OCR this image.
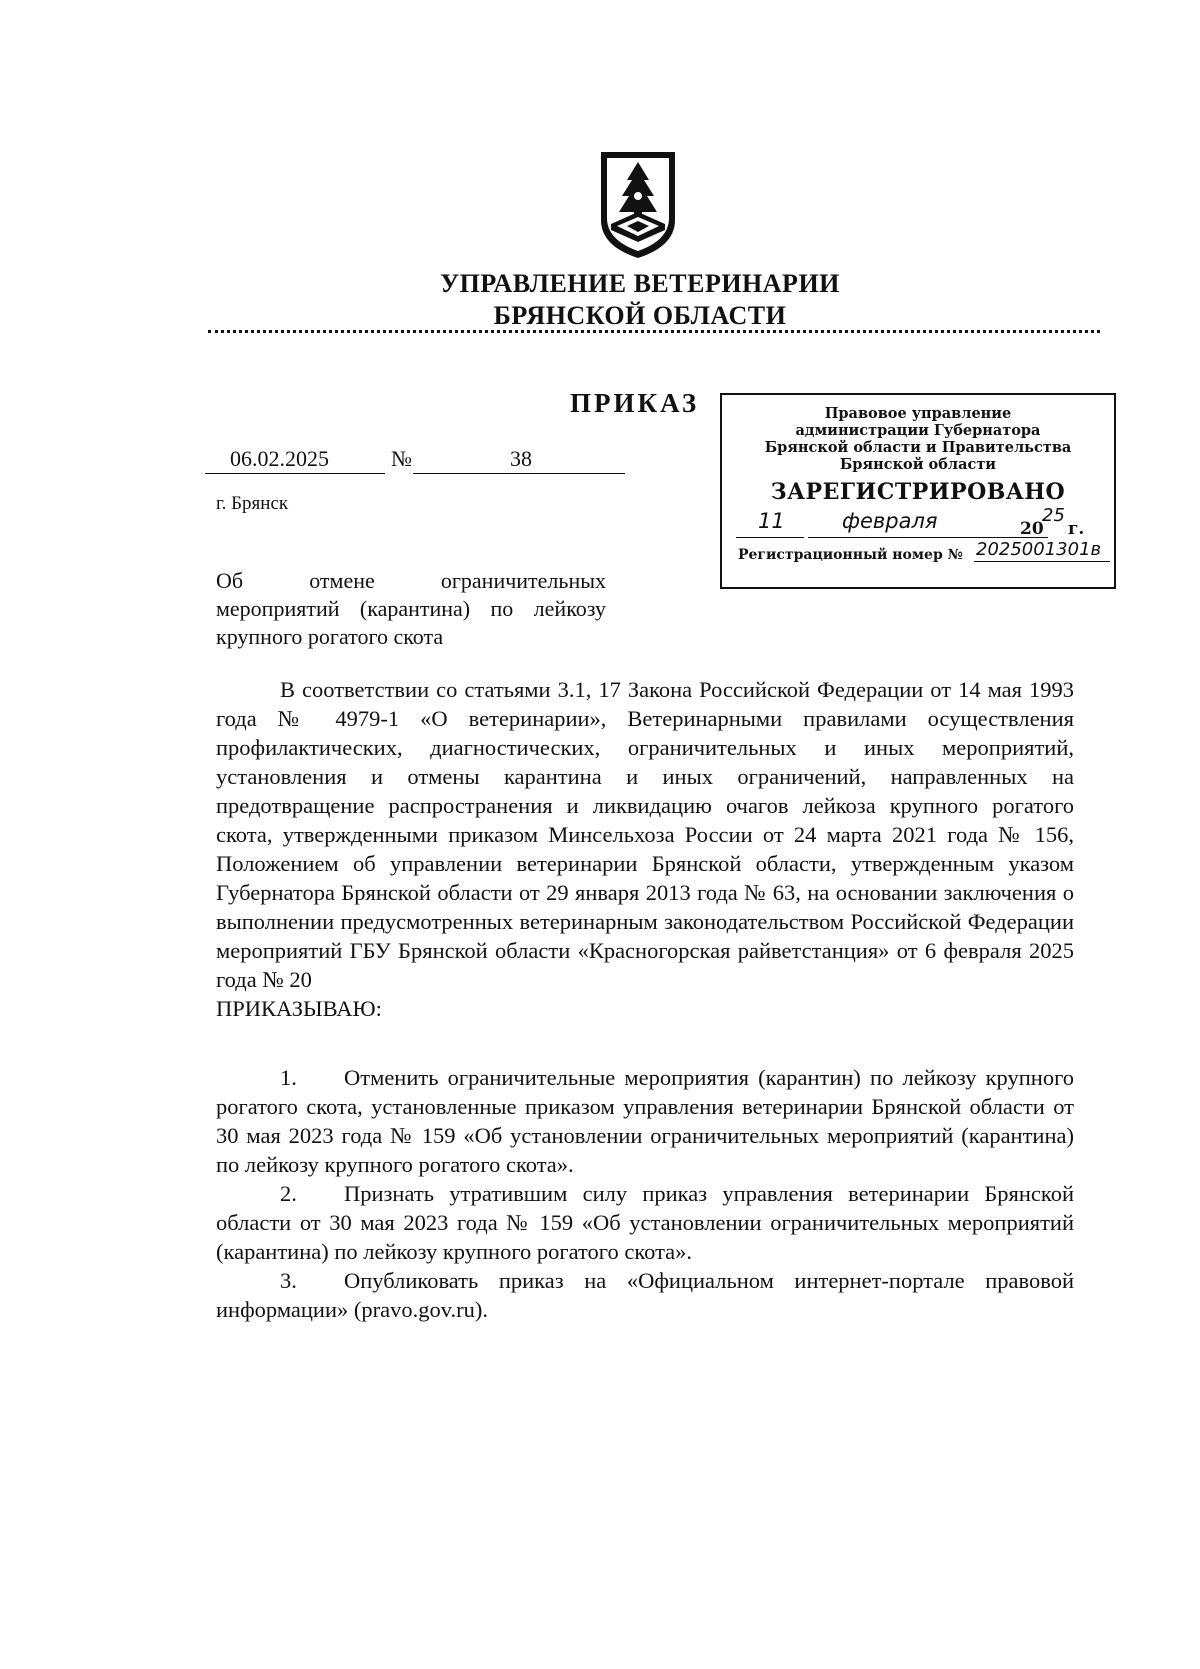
УПРАВЛЕНИЕ ВЕТЕРИНАРИИ
БРЯНСКОЙ ОБЛАСТИ
ПРИКАЗ
06.02.2025	№	38
г. Брянск
Об отмене ограничительных мероприятий (карантина) по лейкозу крупного рогатого скота
Правовое управление
администрации Губернатора
Брянской области и Правительства
Брянской области
ЗАРЕГИСТРИРОВАНО
11	февраля	20
25
г.
Регистрационный номер № 2025001301в

В соответствии со статьями 3.1, 17 Закона Российской Федерации от 14 мая 1993 года № 4979-1 «О ветеринарии», Ветеринарными правилами осуществления профилактических, диагностических, ограничительных и иных мероприятий, установления и отмены карантина и иных ограничений, направленных на предотвращение распространения и ликвидацию очагов лейкоза крупного рогатого скота, утвержденными приказом Минсельхоза России от 24 марта 2021 года № 156, Положением об управлении ветеринарии Брянской области, утвержденным указом Губернатора Брянской области от 29 января 2013 года № 63, на основании заключения о выполнении предусмотренных ветеринарным законодательством Российской Федерации мероприятий ГБУ Брянской области «Красногорская райветстанция» от 6 февраля 2025 года № 20

ПРИКАЗЫВАЮ:

1. Отменить ограничительные мероприятия (карантин) по лейкозу крупного рогатого скота, установленные приказом управления ветеринарии Брянской области от 30 мая 2023 года № 159 «Об установлении ограничительных мероприятий (карантина) по лейкозу крупного рогатого скота».

2. Признать утратившим силу приказ управления ветеринарии Брянской области от 30 мая 2023 года № 159 «Об установлении ограничительных мероприятий (карантина) по лейкозу крупного рогатого скота».

3. Опубликовать приказ на «Официальном интернет-портале правовой информации» (pravo.gov.ru).
